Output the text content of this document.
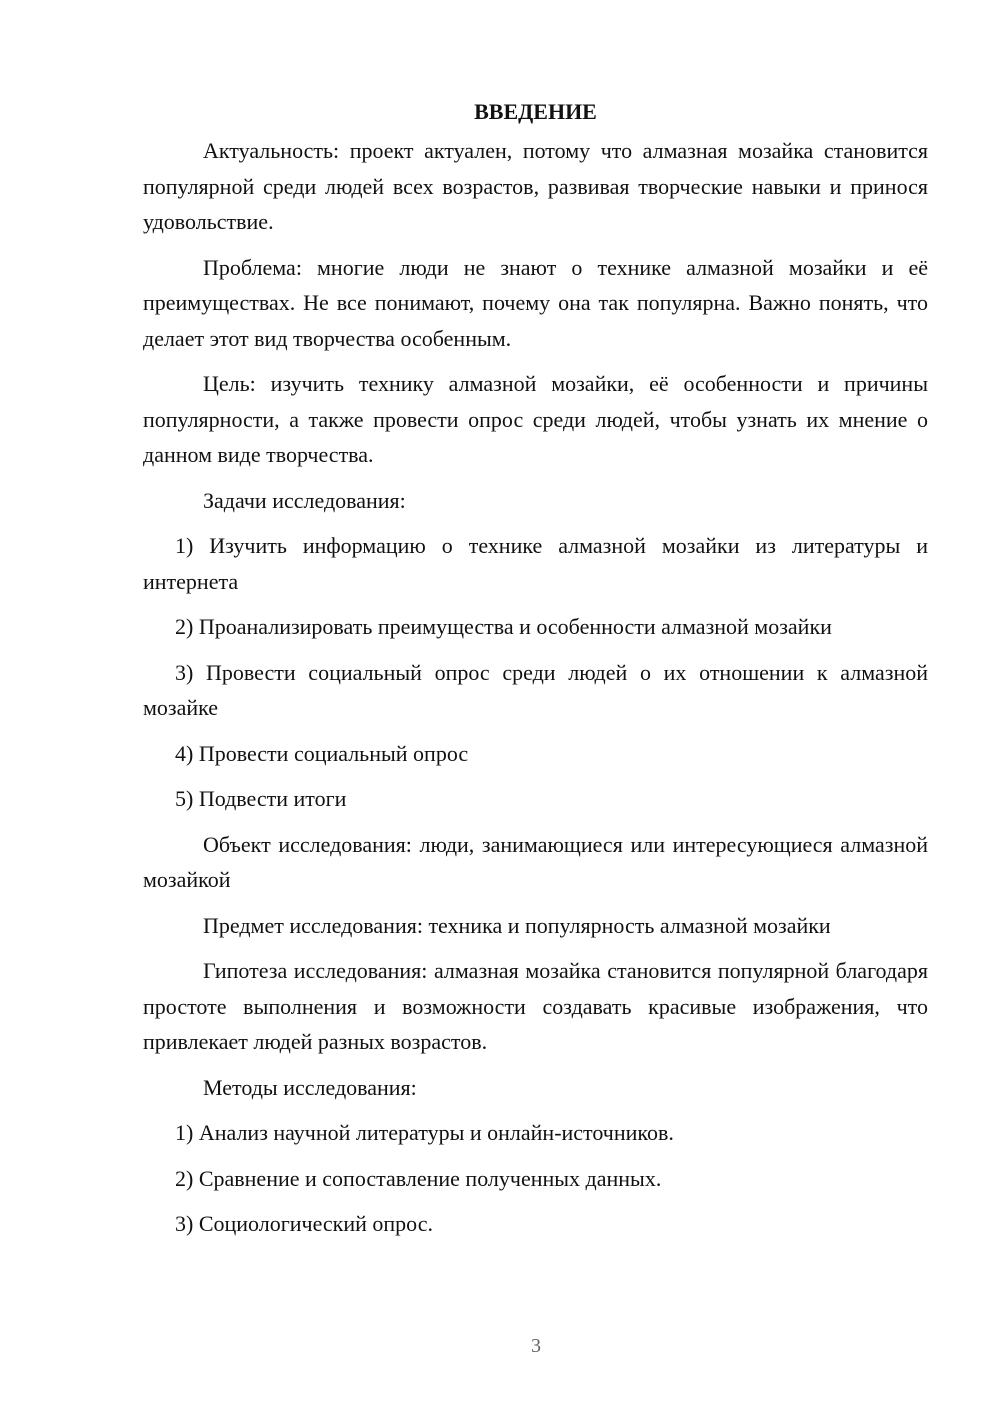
ВВЕДЕНИЕ

Актуальность: проект актуален, потому что алмазная мозайка становится популярной среди людей всех возрастов, развивая творческие навыки и принося удовольствие.

Проблема: многие люди не знают о технике алмазной мозайки и её преимуществах. Не все понимают, почему она так популярна. Важно понять, что делает этот вид творчества особенным.

Цель: изучить технику алмазной мозайки, её особенности и причины популярности, а также провести опрос среди людей, чтобы узнать их мнение о данном виде творчества.

Задачи исследования:

1) Изучить информацию о технике алмазной мозайки из литературы и интернета

2) Проанализировать преимущества и особенности алмазной мозайки

3) Провести социальный опрос среди людей о их отношении к алмазной мозайке

4) Провести социальный опрос

5) Подвести итоги

Объект исследования: люди, занимающиеся или интересующиеся алмазной мозайкой

Предмет исследования: техника и популярность алмазной мозайки

Гипотеза исследования: алмазная мозайка становится популярной благодаря простоте выполнения и возможности создавать красивые изображения, что привлекает людей разных возрастов.

Методы исследования:

1) Анализ научной литературы и онлайн-источников.

2) Сравнение и сопоставление полученных данных.

3) Социологический опрос.

3
